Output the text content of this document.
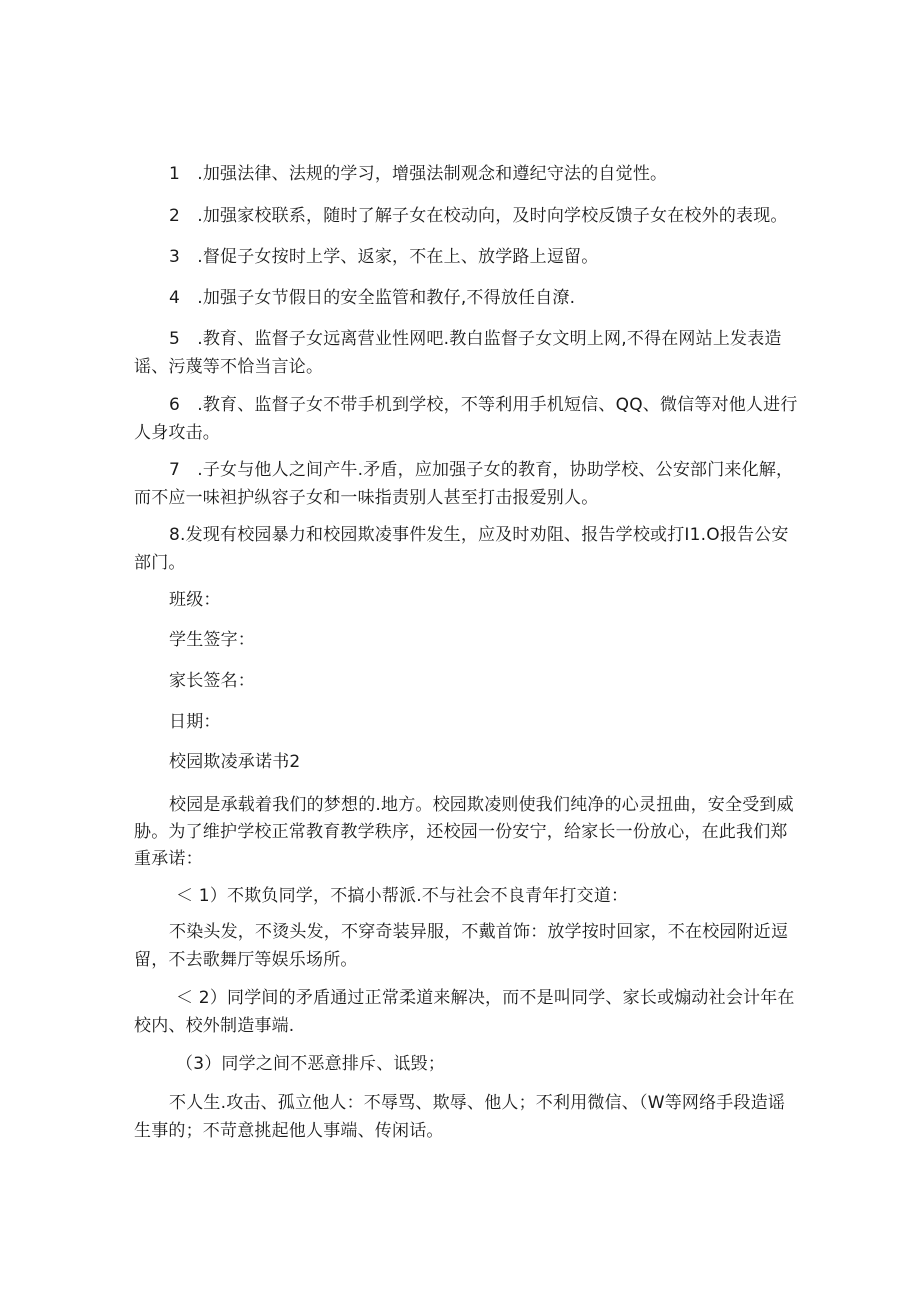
1　.加强法律、法规的学习，增强法制观念和遵纪守法的自觉性。

2　.加强家校联系，随时了解子女在校动向，及时向学校反馈子女在校外的表现。

3　.督促子女按时上学、返家，不在上、放学路上逗留。

4　.加强子女节假日的安全监管和教仔,不得放任自潦.

5　.教育、监督子女远离营业性网吧.教白监督子女文明上网,不得在网站上发表造

谣、污蔑等不恰当言论。

6　.教育、监督子女不带手机到学校，不等利用手机短信、QQ、微信等对他人进行

人身攻击。

7　.子女与他人之间产牛.矛盾，应加强子女的教育，协助学校、公安部门来化解，

而不应一味袒护纵容子女和一味指责别人甚至打击报爱别人。

8.发现有校园暴力和校园欺凌事件发生，应及时劝阻、报告学校或打I1.O报告公安

部门。

班级：

学生签字：

家长签名：

日期：

校园欺凌承诺书2

校园是承载着我们的梦想的.地方。校园欺凌则使我们纯净的心灵扭曲，安全受到威

胁。为了维护学校正常教育教学秩序，还校园一份安宁，给家长一份放心，在此我们郑

重承诺：

＜ 1）不欺负同学，不搞小帮派.不与社会不良青年打交道：

不染头发，不烫头发，不穿奇装异服，不戴首饰：放学按时回家，不在校园附近逗

留，不去歌舞厅等娱乐场所。

＜ 2）同学间的矛盾通过正常柔道来解决，而不是叫同学、家长或煽动社会计年在

校内、校外制造事端.

（3）同学之间不恶意排斥、诋毁；

不人生.攻击、孤立他人：不辱骂、欺辱、他人；不利用微信、（W等网络手段造谣

生事的；不苛意挑起他人事端、传闲话。
